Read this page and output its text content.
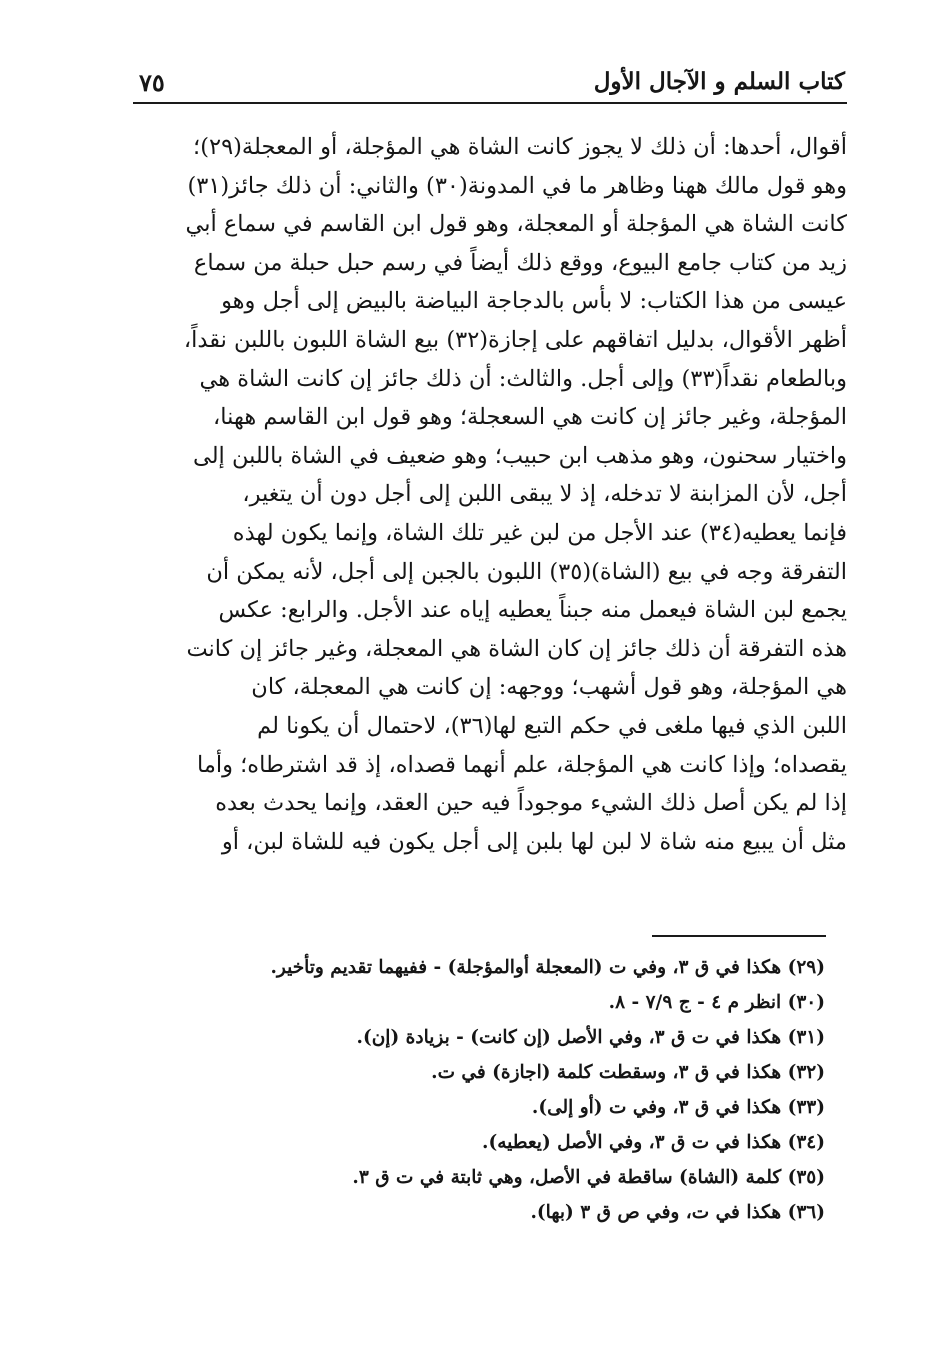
٧٥	كتاب السلم و الآجال الأول
أقوال، أحدها: أن ذلك لا يجوز كانت الشاة هي المؤجلة، أو المعجلة(٢٩)؛
وهو قول مالك ههنا وظاهر ما في المدونة(٣٠) والثاني: أن ذلك جائز(٣١)
كانت الشاة هي المؤجلة أو المعجلة، وهو قول ابن القاسم في سماع أبي
زيد من كتاب جامع البيوع، ووقع ذلك أيضاً في رسم حبل حبلة من سماع
عيسى من هذا الكتاب: لا بأس بالدجاجة البياضة بالبيض إلى أجل وهو
أظهر الأقوال، بدليل اتفاقهم على إجازة(٣٢) بيع الشاة اللبون باللبن نقداً،
وبالطعام نقداً(٣٣) وإلى أجل. والثالث: أن ذلك جائز إن كانت الشاة هي
المؤجلة، وغير جائز إن كانت هي السعجلة؛ وهو قول ابن القاسم ههنا،
واختيار سحنون، وهو مذهب ابن حبيب؛ وهو ضعيف في الشاة باللبن إلى
أجل، لأن المزابنة لا تدخله، إذ لا يبقى اللبن إلى أجل دون أن يتغير،
فإنما يعطيه(٣٤) عند الأجل من لبن غير تلك الشاة، وإنما يكون لهذه
التفرقة وجه في بيع (الشاة)(٣٥) اللبون بالجبن إلى أجل، لأنه يمكن أن
يجمع لبن الشاة فيعمل منه جبناً يعطيه إياه عند الأجل. والرابع: عكس
هذه التفرقة أن ذلك جائز إن كان الشاة هي المعجلة، وغير جائز إن كانت
هي المؤجلة، وهو قول أشهب؛ ووجهه: إن كانت هي المعجلة، كان
اللبن الذي فيها ملغى في حكم التبع لها(٣٦)، لاحتمال أن يكونا لم
يقصداه؛ وإذا كانت هي المؤجلة، علم أنهما قصداه، إذ قد اشترطاه؛ وأما
إذا لم يكن أصل ذلك الشيء موجوداً فيه حين العقد، وإنما يحدث بعده
مثل أن يبيع منه شاة لا لبن لها بلبن إلى أجل يكون فيه للشاة لبن، أو
(٢٩) هكذا في ق ٣، وفي ت (المعجلة أوالمؤجلة) - ففيهما تقديم وتأخير.
(٣٠) انظر م ٤ - ج ٧/٩ - ٨.
(٣١) هكذا في ت ق ٣، وفي الأصل (إن كانت) - بزيادة (إن).
(٣٢) هكذا في ق ٣، وسقطت كلمة (اجازة) في ت.
(٣٣) هكذا في ق ٣، وفي ت (أو إلى).
(٣٤) هكذا في ت ق ٣، وفي الأصل (يعطيه).
(٣٥) كلمة (الشاة) ساقطة في الأصل، وهي ثابتة في ت ق ٣.
(٣٦) هكذا في ت، وفي ص ق ٣ (بها).
